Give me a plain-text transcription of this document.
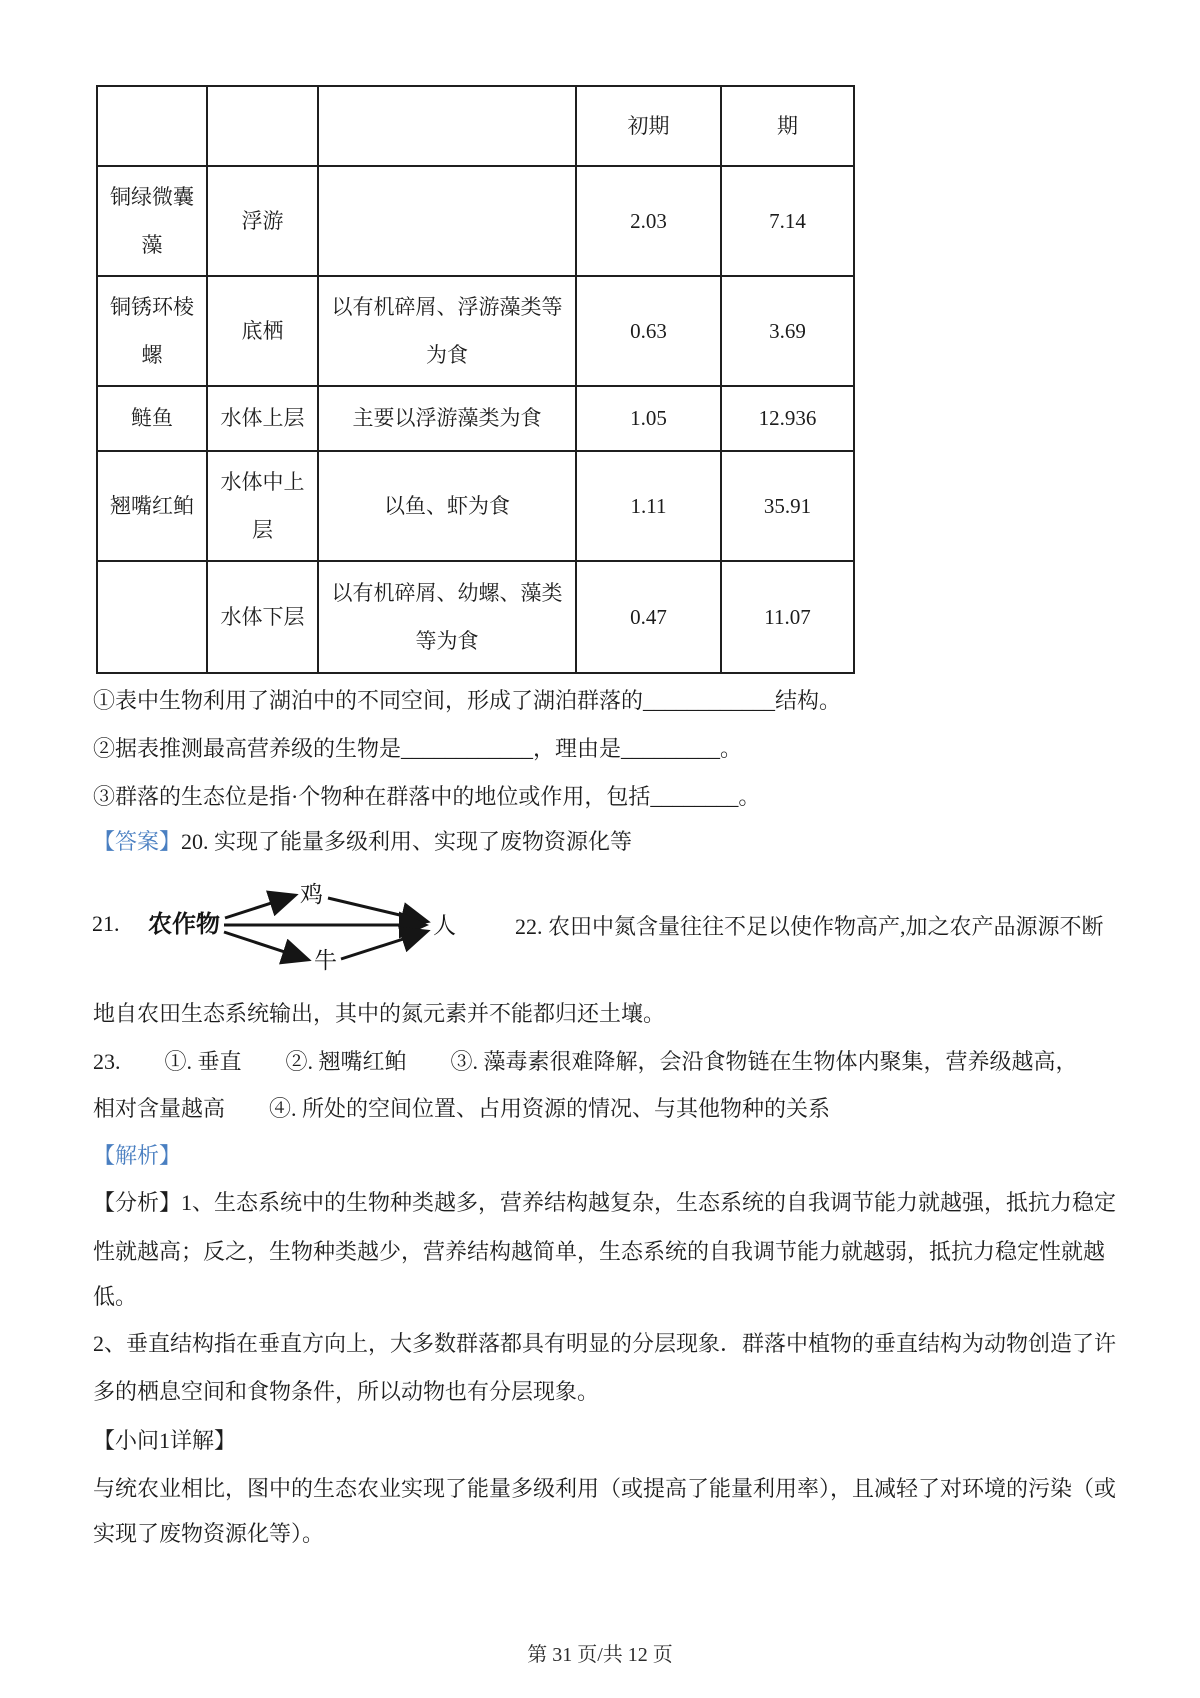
			初期	期
铜绿微囊藻	浮游		2.03	7.14
铜锈环棱螺	底栖	以有机碎屑、浮游藻类等为食	0.63	3.69
鲢鱼	水体上层	主要以浮游藻类为食	1.05	12.936
翘嘴红鲌	水体中上层	以鱼、虾为食	1.11	35.91
	水体下层	以有机碎屑、幼螺、藻类等为食	0.47	11.07

①表中生物利用了湖泊中的不同空间，形成了湖泊群落的____________结构。

②据表推测最高营养级的生物是____________，理由是_________。

③群落的生态位是指·个物种在群落中的地位或作用，包括________。

【答案】20. 实现了能量多级利用、实现了废物资源化等

21. 农作物
鸡
人
牛

22. 农田中氮含量往往不足以使作物高产,加之农产品源源不断

地自农田生态系统输出，其中的氮元素并不能都归还土壤。

23.　　①. 垂直　　②. 翘嘴红鲌　　③. 藻毒素很难降解，会沿食物链在生物体内聚集，营养级越高，

相对含量越高　　④. 所处的空间位置、占用资源的情况、与其他物种的关系

【解析】

【分析】1、生态系统中的生物种类越多，营养结构越复杂，生态系统的自我调节能力就越强，抵抗力稳定

性就越高；反之，生物种类越少，营养结构越简单，生态系统的自我调节能力就越弱，抵抗力稳定性就越

低。

2、垂直结构指在垂直方向上，大多数群落都具有明显的分层现象．群落中植物的垂直结构为动物创造了许

多的栖息空间和食物条件，所以动物也有分层现象。

【小问1详解】

与统农业相比，图中的生态农业实现了能量多级利用（或提高了能量利用率），且减轻了对环境的污染（或

实现了废物资源化等）。

第 31 页/共 12 页
